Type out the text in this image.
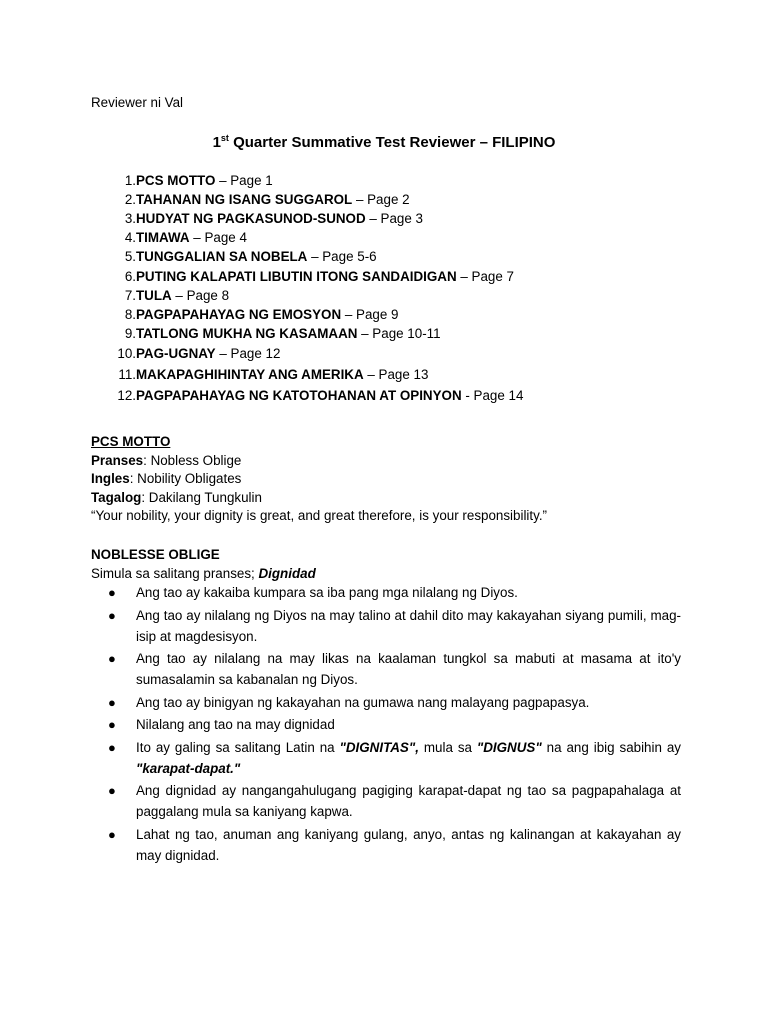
Reviewer ni Val
1st Quarter Summative Test Reviewer – FILIPINO
1. PCS MOTTO – Page 1
2. TAHANAN NG ISANG SUGGAROL – Page 2
3. HUDYAT NG PAGKASUNOD-SUNOD – Page 3
4. TIMAWA – Page 4
5. TUNGGALIAN SA NOBELA – Page 5-6
6. PUTING KALAPATI LIBUTIN ITONG SANDAIDIGAN – Page 7
7. TULA – Page 8
8. PAGPAPAHAYAG NG EMOSYON – Page 9
9. TATLONG MUKHA NG KASAMAAN – Page 10-11
10. PAG-UGNAY – Page 12
11. MAKAPAGHIHINTAY ANG AMERIKA – Page 13
12. PAGPAPAHAYAG NG KATOTOHANAN AT OPINYON - Page 14
PCS MOTTO
Pranses: Nobless Oblige
Ingles: Nobility Obligates
Tagalog: Dakilang Tungkulin
“Your nobility, your dignity is great, and great therefore, is your responsibility.”
NOBLESSE OBLIGE
Simula sa salitang pranses; Dignidad
● Ang tao ay kakaiba kumpara sa iba pang mga nilalang ng Diyos.
● Ang tao ay nilalang ng Diyos na may talino at dahil dito may kakayahan siyang pumili, mag-isip at magdesisyon.
● Ang tao ay nilalang na may likas na kaalaman tungkol sa mabuti at masama at ito'y sumasalamin sa kabanalan ng Diyos.
● Ang tao ay binigyan ng kakayahan na gumawa nang malayang pagpapasya.
● Nilalang ang tao na may dignidad
● Ito ay galing sa salitang Latin na "DIGNITAS", mula sa "DIGNUS" na ang ibig sabihin ay "karapat-dapat."
● Ang dignidad ay nangangahulugang pagiging karapat-dapat ng tao sa pagpapahalaga at paggalang mula sa kaniyang kapwa.
● Lahat ng tao, anuman ang kaniyang gulang, anyo, antas ng kalinangan at kakayahan ay may dignidad.
